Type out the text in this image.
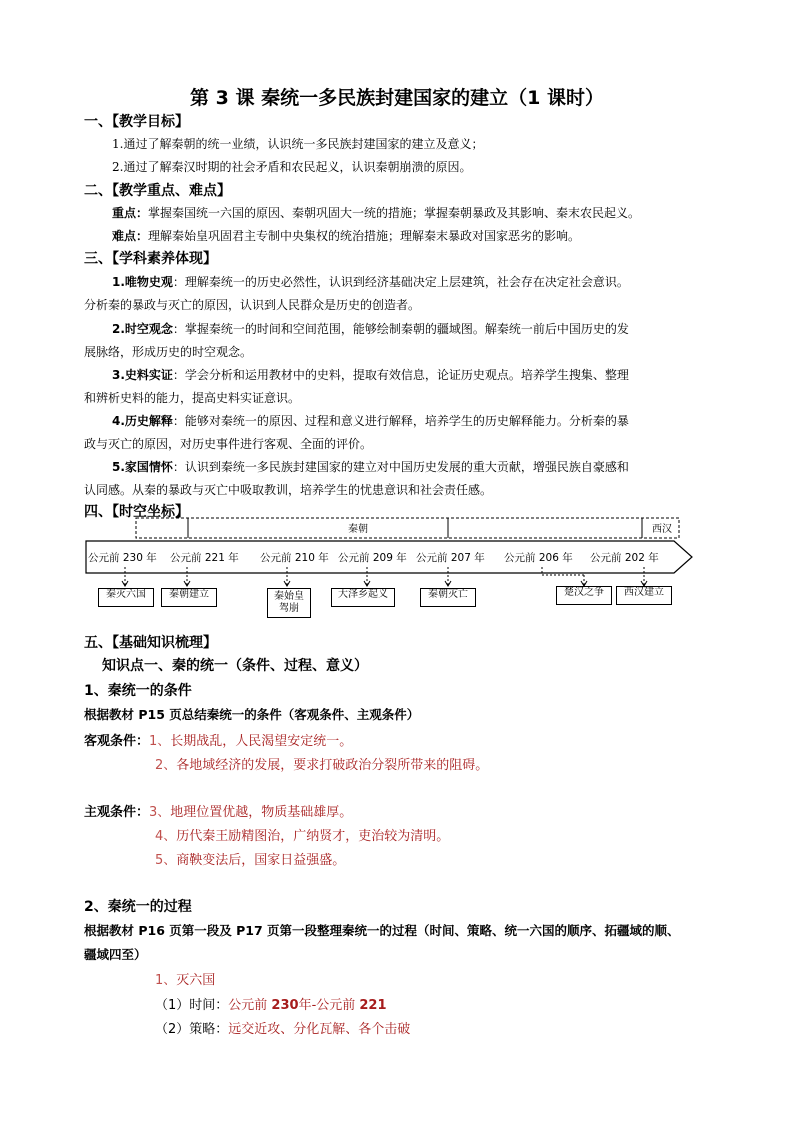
第 3 课 秦统一多民族封建国家的建立（1 课时）
一、【教学目标】
1.通过了解秦朝的统一业绩，认识统一多民族封建国家的建立及意义；
2.通过了解秦汉时期的社会矛盾和农民起义，认识秦朝崩溃的原因。
二、【教学重点、难点】
重点：掌握秦国统一六国的原因、秦朝巩固大一统的措施；掌握秦朝暴政及其影响、秦末农民起义。
难点：理解秦始皇巩固君主专制中央集权的统治措施；理解秦末暴政对国家恶劣的影响。
三、【学科素养体现】
1.唯物史观：理解秦统一的历史必然性，认识到经济基础决定上层建筑，社会存在决定社会意识。
分析秦的暴政与灭亡的原因，认识到人民群众是历史的创造者。
2.时空观念：掌握秦统一的时间和空间范围，能够绘制秦朝的疆域图。解秦统一前后中国历史的发
展脉络，形成历史的时空观念。
3.史料实证：学会分析和运用教材中的史料，提取有效信息，论证历史观点。培养学生搜集、整理
和辨析史料的能力，提高史料实证意识。
4.历史解释：能够对秦统一的原因、过程和意义进行解释，培养学生的历史解释能力。分析秦的暴
政与灭亡的原因，对历史事件进行客观、全面的评价。
5.家国情怀：认识到秦统一多民族封建国家的建立对中国历史发展的重大贡献，增强民族自豪感和
认同感。从秦的暴政与灭亡中吸取教训，培养学生的忧患意识和社会责任感。
四、【时空坐标】
秦朝	西汉
公元前 230 年 公元前 221 年 公元前 210 年 公元前 209 年 公元前 207 年 公元前 206 年 公元前 202 年
秦灭六国	秦朝建立	秦始皇
驾崩
大泽乡起义	秦朝灭亡	楚汉之争	西汉建立
五、【基础知识梳理】
知识点一、秦的统一（条件、过程、意义）
1、秦统一的条件
根据教材 P15 页总结秦统一的条件（客观条件、主观条件）
客观条件：1、长期战乱，人民渴望安定统一。
2、各地域经济的发展，要求打破政治分裂所带来的阻碍。
主观条件：3、地理位置优越，物质基础雄厚。
4、历代秦王励精图治，广纳贤才，吏治较为清明。
5、商鞅变法后，国家日益强盛。
2、秦统一的过程
根据教材 P16 页第一段及 P17 页第一段整理秦统一的过程（时间、策略、统一六国的顺序、拓疆域的顺、
疆域四至）
1、灭六国
（1）时间：公元前 230年-公元前 221
（2）策略：远交近攻、分化瓦解、各个击破
